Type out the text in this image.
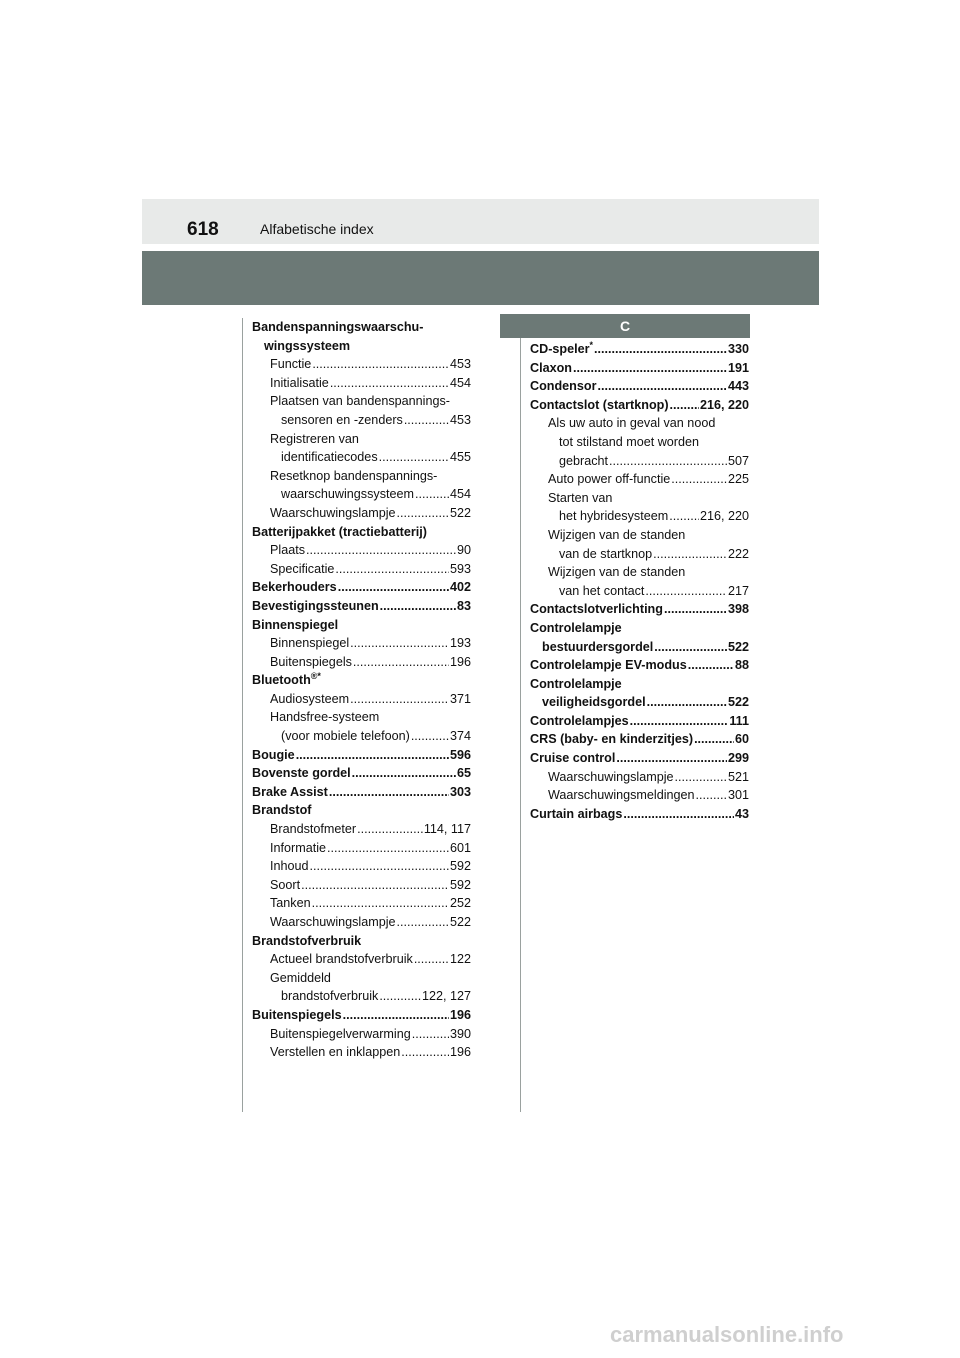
618	Alfabetische index
C
Bandenspanningswaarschu-
wingssysteem
Functie .....	453
Initialisatie .....	454
Plaatsen van bandenspannings-
sensoren en -zenders .....	453
Registreren van
identificatiecodes .....	455
Resetknop bandenspannings-
waarschuwingssysteem .....	454
Waarschuwingslampje .....	522
Batterijpakket (tractiebatterij)
Plaats .....	90
Specificatie .....	593
Bekerhouders .....	402
Bevestigingssteunen .....	83
Binnenspiegel
Binnenspiegel .....	193
Buitenspiegels .....	196
Bluetooth®*
Audiosysteem .....	371
Handsfree-systeem
(voor mobiele telefoon) .....	374
Bougie .....	596
Bovenste gordel .....	65
Brake Assist .....	303
Brandstof
Brandstofmeter .....	114, 117
Informatie .....	601
Inhoud .....	592
Soort .....	592
Tanken .....	252
Waarschuwingslampje .....	522
Brandstofverbruik
Actueel brandstofverbruik .....	122
Gemiddeld
brandstofverbruik .....	122, 127
Buitenspiegels .....	196
Buitenspiegelverwarming .....	390
Verstellen en inklappen .....	196
CD-speler* .....	330
Claxon .....	191
Condensor .....	443
Contactslot (startknop) ..... 216, 220
Als uw auto in geval van nood
tot stilstand moet worden
gebracht .....	507
Auto power off-functie .....	225
Starten van
het hybridesysteem .....	216, 220
Wijzigen van de standen
van de startknop .....	222
Wijzigen van de standen
van het contact .....	217
Contactslotverlichting .....	398
Controlelampje
bestuurdersgordel .....	522
Controlelampje EV-modus .....	88
Controlelampje
veiligheidsgordel .....	522
Controlelampjes .....	111
CRS (baby- en kinderzitjes) .....	60
Cruise control .....	299
Waarschuwingslampje .....	521
Waarschuwingsmeldingen .....	301
Curtain airbags .....	43
carmanualsonline.info
